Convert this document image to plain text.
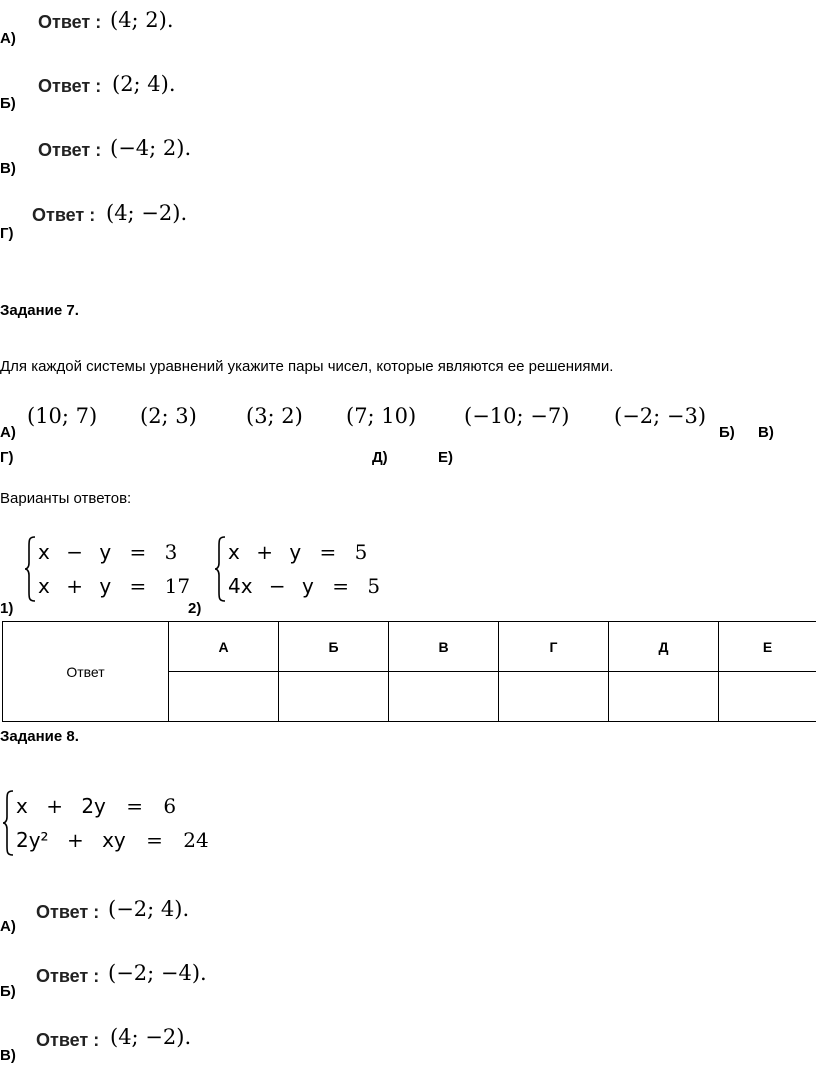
Ответ : (4; 2).
А)
Ответ : (2; 4).
Б)
Ответ : (−4; 2).
В)
Ответ : (4; −2).
Г)
Задание 7.
Для каждой системы уравнений укажите пары чисел, которые являются ее решениями.
(10; 7) (2; 3) (3; 2) (7; 10) (−10; −7) (−2; −3)
А)	Б) В)
Г)	Д)	Е)
Варианты ответов:
x − y = 3
x + y = 17
1)
x + y = 5
4x − y = 5
2)
Ответ	А	Б	В	Г	Д	Е

Задание 8.
x + 2y = 6
2y² + xy = 24
Ответ : (−2; 4).
А)
Ответ : (−2; −4).
Б)
Ответ : (4; −2).
В)
